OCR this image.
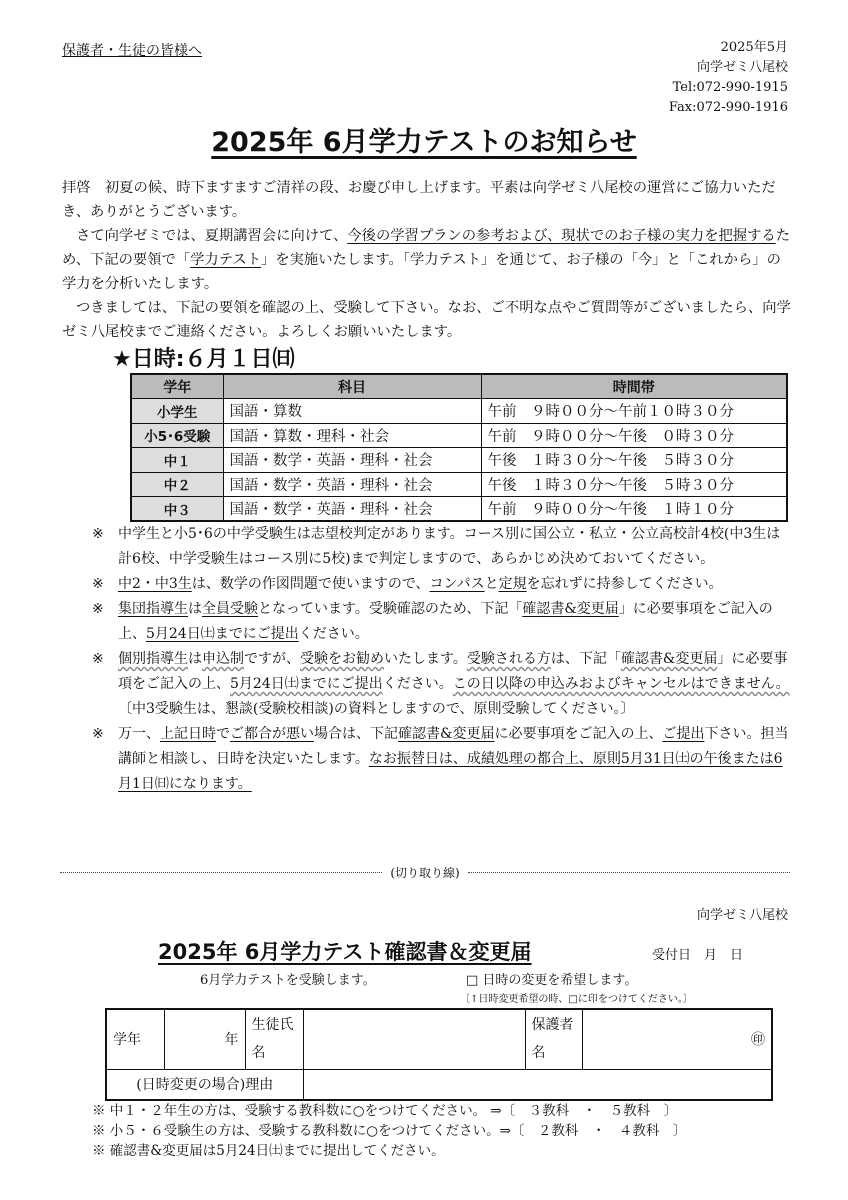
保護者・生徒の皆様へ	2025年5月
向学ゼミ八尾校
Tel:072-990-1915
Fax:072-990-1916
2025年 6月学力テストのお知らせ

拝啓　初夏の候、時下ますますご清祥の段、お慶び申し上げます。平素は向学ゼミ八尾校の運営にご協力いただき、ありがとうございます。

さて向学ゼミでは、夏期講習会に向けて、今後の学習プランの参考および、現状でのお子様の実力を把握するため、下記の要領で「学力テスト」を実施いたします。「学力テスト」を通じて、お子様の「今」と「これから」の学力を分析いたします。

つきましては、下記の要領を確認の上、受験して下さい。なお、ご不明な点やご質問等がございましたら、向学ゼミ八尾校までご連絡ください。よろしくお願いいたします。

★日時:６月１日㈰
学年	科目	時間帯
小学生	国語・算数	午前　９時００分～午前１０時３０分
小5･6受験	国語・算数・理科・社会	午前　９時００分～午後　０時３０分
中１	国語・数学・英語・理科・社会	午後　１時３０分～午後　５時３０分
中２	国語・数学・英語・理科・社会	午後　１時３０分～午後　５時３０分
中３	国語・数学・英語・理科・社会	午前　９時００分～午後　１時１０分
※	中学生と小5･6の中学受験生は志望校判定があります。コース別に国公立・私立・公立高校計4校(中3生は計6校、中学受験生はコース別に5校)まで判定しますので、あらかじめ決めておいてください。
※	中2・中3生は、数学の作図問題で使いますので、コンパスと定規を忘れずに持参してください。
※	集団指導生は全員受験となっています。受験確認のため、下記「確認書&変更届」に必要事項をご記入の上、5月24日㈯までにご提出ください。
※	個別指導生は申込制ですが、受験をお勧めいたします。受験される方は、下記「確認書&変更届」に必要事項をご記入の上、5月24日㈯までにご提出ください。この日以降の申込みおよびキャンセルはできません。〔中3受験生は、懇談(受験校相談)の資料としますので、原則受験してください。〕
※	万一、上記日時でご都合が悪い場合は、下記確認書&変更届に必要事項をご記入の上、ご提出下さい。担当講師と相談し、日時を決定いたします。なお振替日は、成績処理の都合上、原則5月31日㈯の午後または6月1日㈰になります。
(切り取り線)
向学ゼミ八尾校
2025年 6月学力テスト確認書＆変更届	受付日　月　日
6月学力テストを受験します。	□ 日時の変更を希望します。
〔↑日時変更希望の時、□に印をつけてください。〕
学年	年	生徒氏名		保護者名	㊞
(日時変更の場合)理由					
※ 中１・２年生の方は、受験する教科数に○をつけてください。 ⇒〔　３教科　・　５教科　〕
※ 小５・６受験生の方は、受験する教科数に○をつけてください。⇒〔　２教科　・　４教科　〕
※ 確認書&変更届は5月24日㈯までに提出してください。
